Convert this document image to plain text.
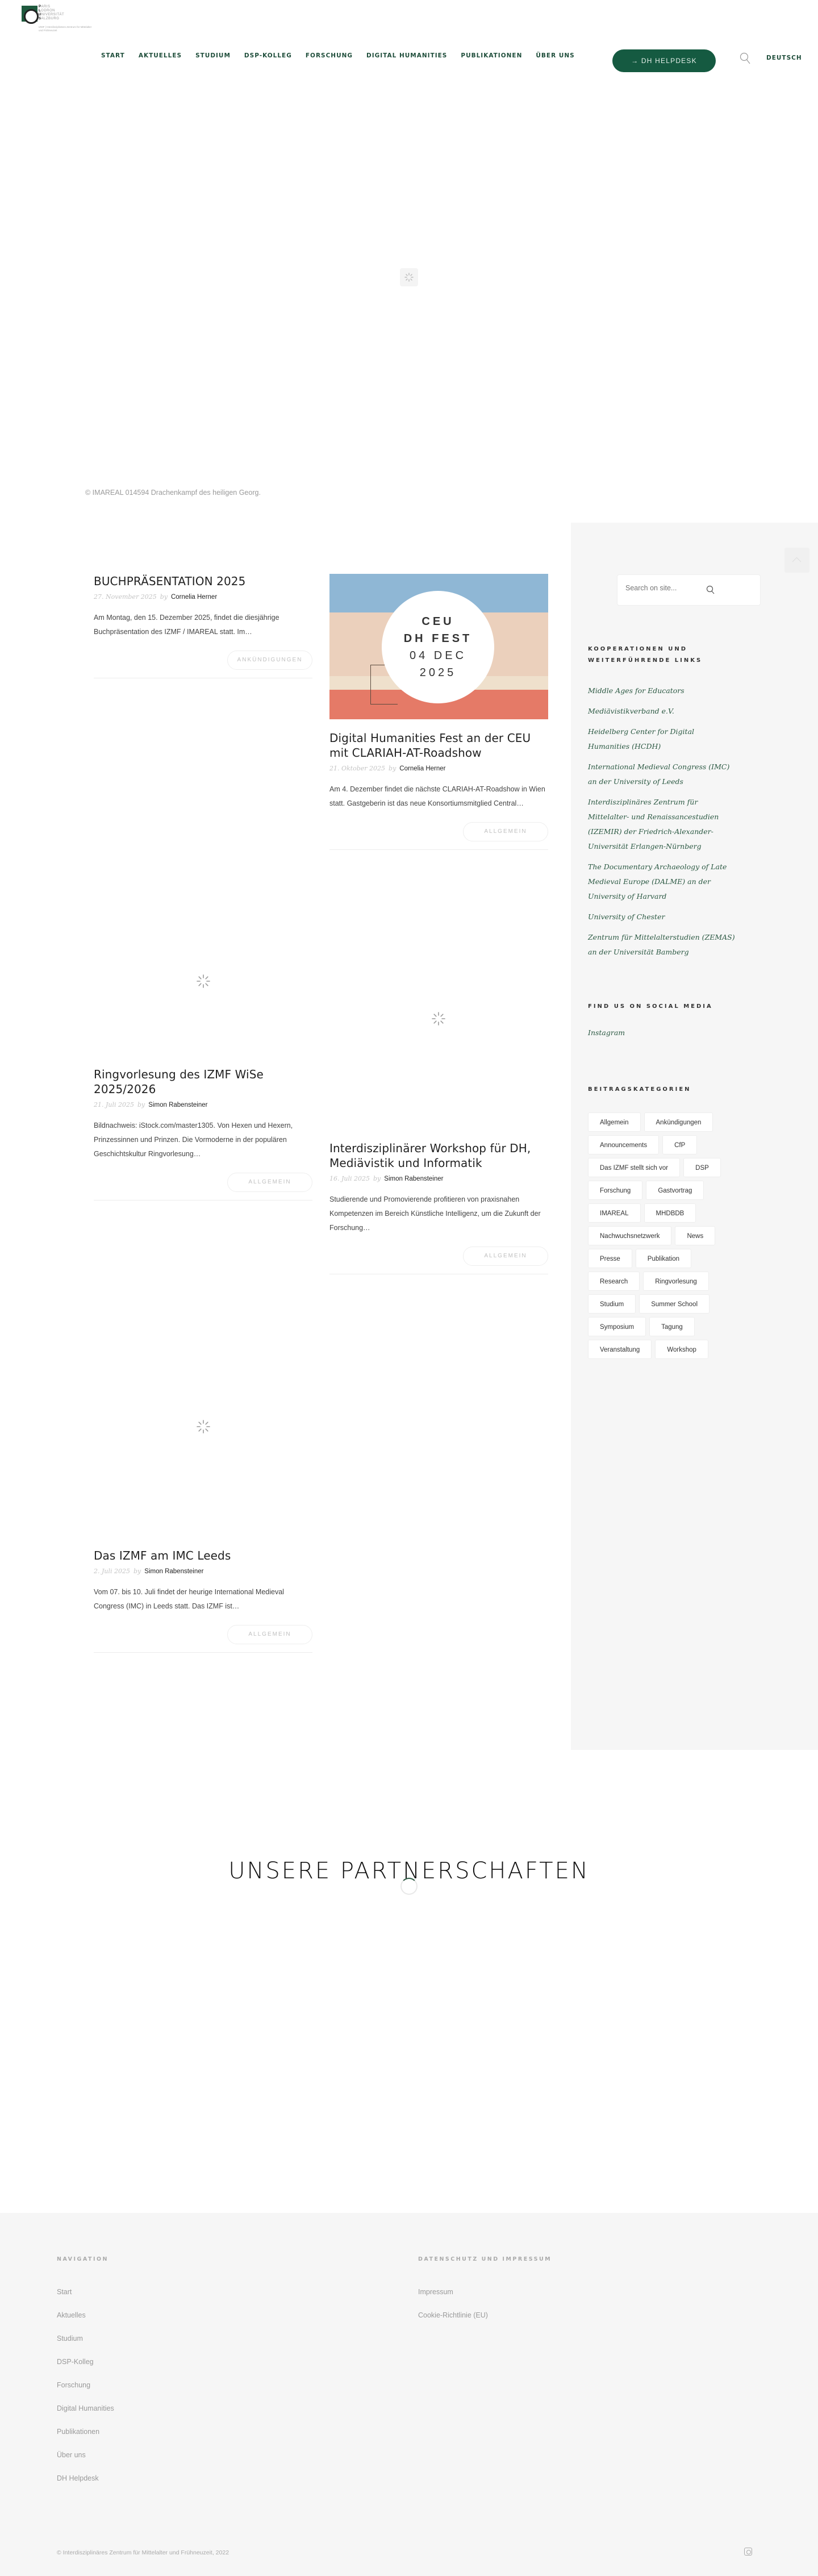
PARIS
LODRON
UNIVERSITÄT
SALZBURG
IZMF | Interdisziplinäres Zentrum für Mittelalter und Frühneuzeit
START AKTUELLES STUDIUM DSP-KOLLEG FORSCHUNG DIGITAL HUMANITIES PUBLIKATIONEN ÜBER UNS
→ DH HELPDESK	DEUTSCH
© IMAREAL 014594 Drachenkampf des heiligen Georg.
BUCHPRÄSENTATION 2025
27. November 2025 by Cornelia Herner

Am Montag, den 15. Dezember 2025, findet die diesjährige Buchpräsentation des IZMF / IMAREAL statt. Im…

ANKÜNDIGUNGEN
CEU
DH FEST
04 DEC
2025
Digital Humanities Fest an der CEU mit CLARIAH-AT-Roadshow
21. Oktober 2025 by Cornelia Herner

Am 4. Dezember findet die nächste CLARIAH-AT-Roadshow in Wien statt. Gastgeberin ist das neue Konsortiumsmitglied Central…

ALLGEMEIN
Ringvorlesung des IZMF WiSe 2025/2026
21. Juli 2025 by Simon Rabensteiner

Bildnachweis: iStock.com/master1305. Von Hexen und Hexern, Prinzessinnen und Prinzen. Die Vormoderne in der populären Geschichtskultur Ringvorlesung…

ALLGEMEIN
Interdisziplinärer Workshop für DH, Mediävistik und Informatik
16. Juli 2025 by Simon Rabensteiner

Studierende und Promovierende profitieren von praxisnahen Kompetenzen im Bereich Künstliche Intelligenz, um die Zukunft der Forschung…

ALLGEMEIN
Das IZMF am IMC Leeds
2. Juli 2025 by Simon Rabensteiner

Vom 07. bis 10. Juli findet der heurige International Medieval Congress (IMC) in Leeds statt. Das IZMF ist…

ALLGEMEIN
Search on site...
KOOPERATIONEN UND WEITERFÜHRENDE LINKS
Middle Ages for Educators
Mediävistikverband e.V.
Heidelberg Center for Digital Humanities (HCDH)
International Medieval Congress (IMC) an der University of Leeds
Interdisziplinäres Zentrum für Mittelalter- und Renaissancestudien (IZEMIR) der Friedrich-Alexander-Universität Erlangen-Nürnberg
The Documentary Archaeology of Late Medieval Europe (DALME) an der University of Harvard
University of Chester
Zentrum für Mittelalterstudien (ZEMAS) an der Universität Bamberg
FIND US ON SOCIAL MEDIA
Instagram
BEITRAGSKATEGORIEN
Allgemein	Ankündigungen
Announcements	CfP
Das IZMF stellt sich vor	DSP
Forschung	Gastvortrag
IMAREAL	MHDBDB
Nachwuchsnetzwerk	News
Presse	Publikation
Research	Ringvorlesung
Studium	Summer School
Symposium	Tagung
Veranstaltung	Workshop
UNSERE PARTNERSCHAFTEN
NAVIGATION
Start
Aktuelles
Studium
DSP-Kolleg
Forschung
Digital Humanities
Publikationen
Über uns
DH Helpdesk
DATENSCHUTZ UND IMPRESSUM
Impressum
Cookie-Richtlinie (EU)
© Interdisziplinäres Zentrum für Mittelalter und Frühneuzeit, 2022
